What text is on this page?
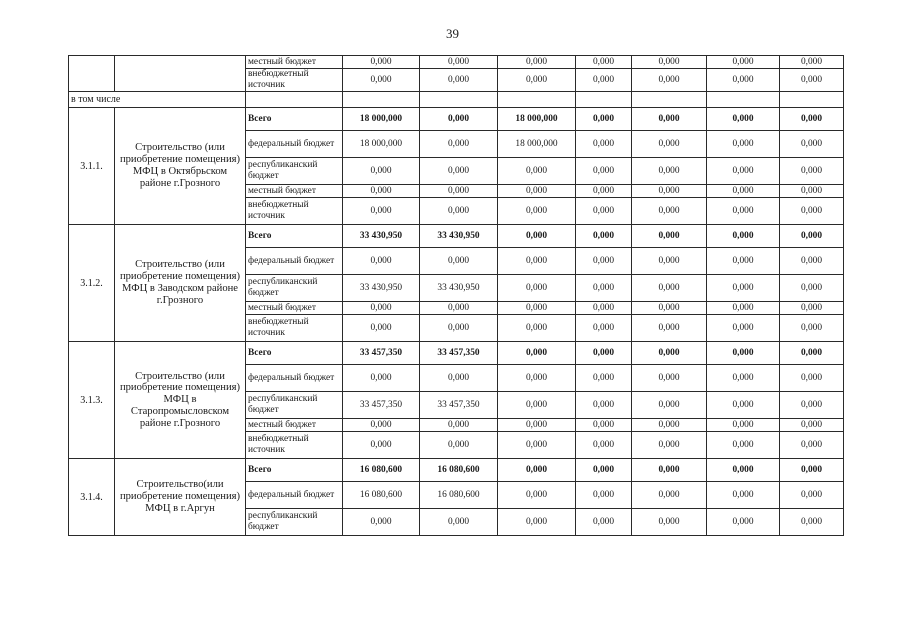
39
		местный бюджет	0,000	0,000	0,000	0,000	0,000	0,000	0,000
		внебюджетный источник	0,000	0,000	0,000	0,000	0,000	0,000	0,000
в том числе									
3.1.1.	Строительство (или приобретение помещения) МФЦ в Октябрьском районе г.Грозного	Всего	18 000,000	0,000	18 000,000	0,000	0,000	0,000	0,000
		федеральный бюджет	18 000,000	0,000	18 000,000	0,000	0,000	0,000	0,000
		республиканский бюджет	0,000	0,000	0,000	0,000	0,000	0,000	0,000
		местный бюджет	0,000	0,000	0,000	0,000	0,000	0,000	0,000
		внебюджетный источник	0,000	0,000	0,000	0,000	0,000	0,000	0,000
3.1.2.	Строительство (или приобретение помещения) МФЦ в Заводском районе г.Грозного	Всего	33 430,950	33 430,950	0,000	0,000	0,000	0,000	0,000
		федеральный бюджет	0,000	0,000	0,000	0,000	0,000	0,000	0,000
		республиканский бюджет	33 430,950	33 430,950	0,000	0,000	0,000	0,000	0,000
		местный бюджет	0,000	0,000	0,000	0,000	0,000	0,000	0,000
		внебюджетный источник	0,000	0,000	0,000	0,000	0,000	0,000	0,000
3.1.3.	Строительство (или приобретение помещения) МФЦ в Старопромысловском районе г.Грозного	Всего	33 457,350	33 457,350	0,000	0,000	0,000	0,000	0,000
		федеральный бюджет	0,000	0,000	0,000	0,000	0,000	0,000	0,000
		республиканский бюджет	33 457,350	33 457,350	0,000	0,000	0,000	0,000	0,000
		местный бюджет	0,000	0,000	0,000	0,000	0,000	0,000	0,000
		внебюджетный источник	0,000	0,000	0,000	0,000	0,000	0,000	0,000
3.1.4.	Строительство(или приобретение помещения) МФЦ в г.Аргун	Всего	16 080,600	16 080,600	0,000	0,000	0,000	0,000	0,000
		федеральный бюджет	16 080,600	16 080,600	0,000	0,000	0,000	0,000	0,000
		республиканский бюджет	0,000	0,000	0,000	0,000	0,000	0,000	0,000
